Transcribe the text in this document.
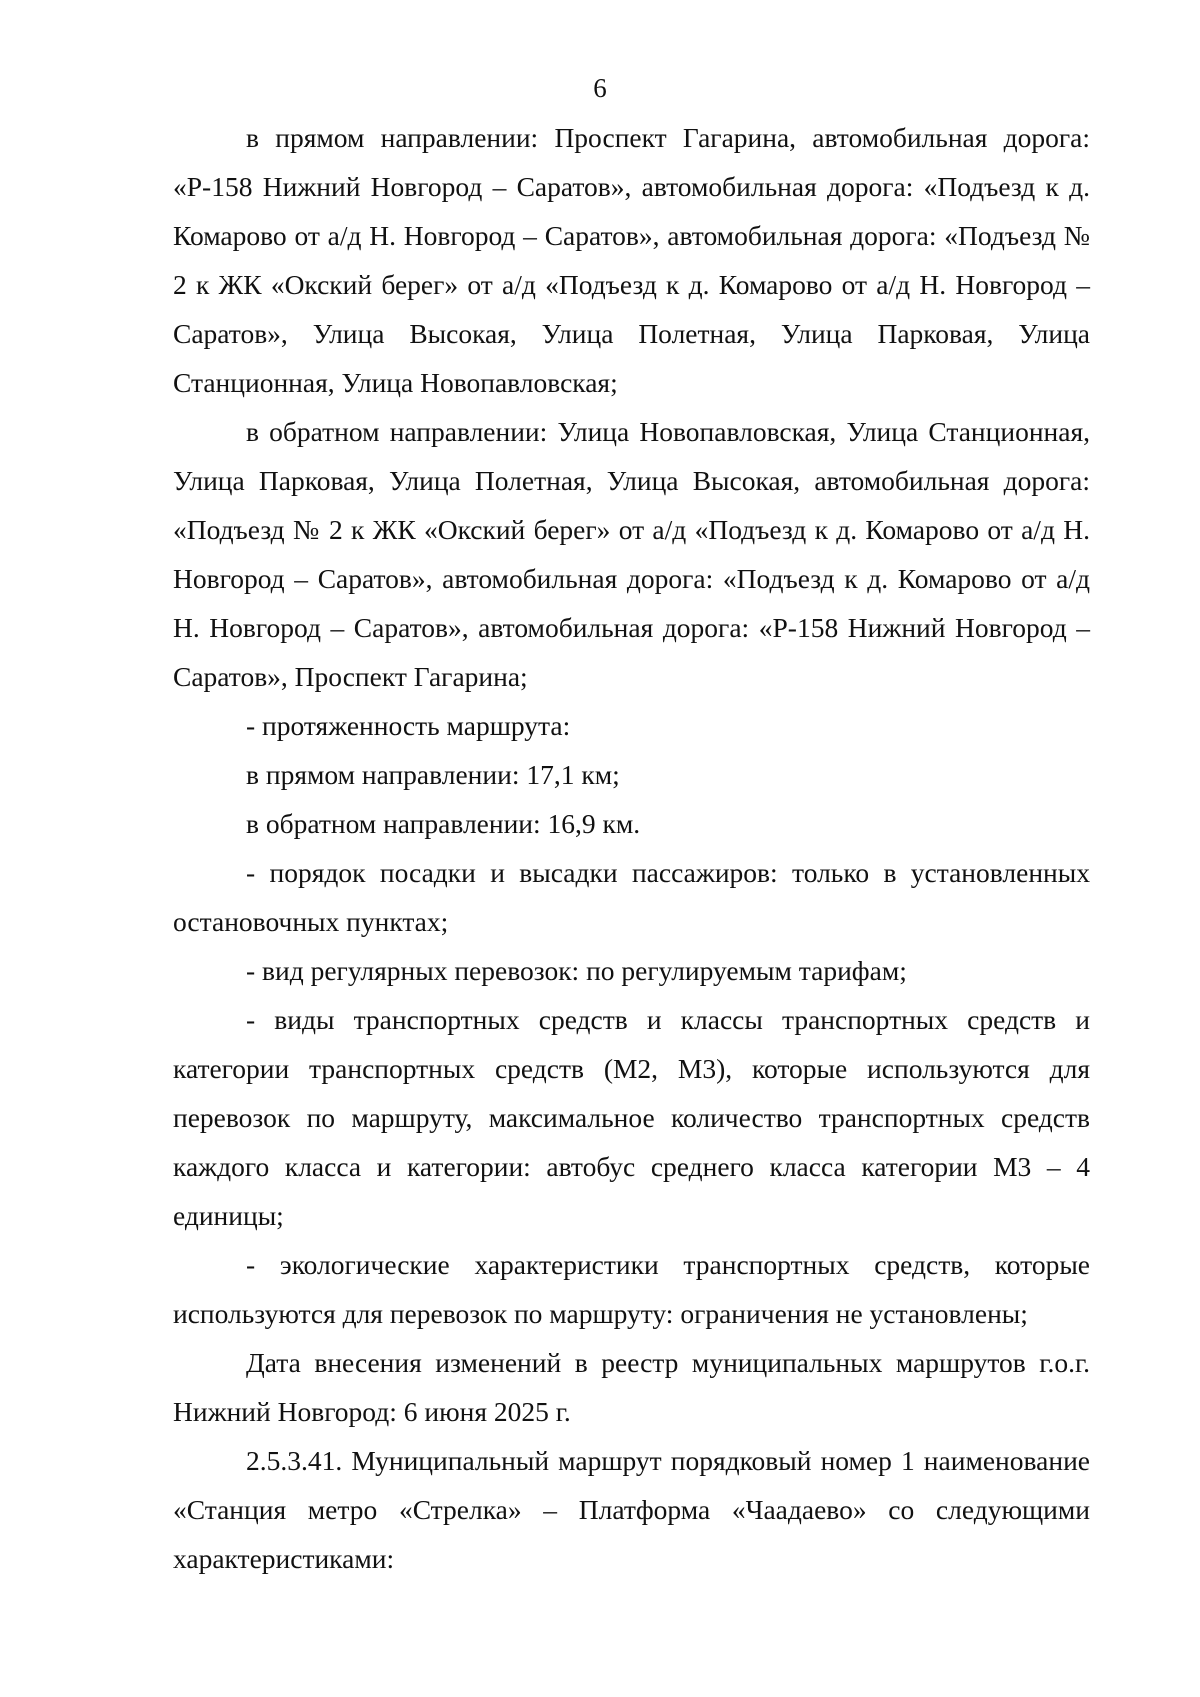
6

в прямом направлении: Проспект Гагарина, автомобильная дорога: «Р-158 Нижний Новгород – Саратов», автомобильная дорога: «Подъезд к д. Комарово от а/д Н. Новгород – Саратов», автомобильная дорога: «Подъезд № 2 к ЖК «Окский берег» от а/д «Подъезд к д. Комарово от а/д Н. Новгород – Саратов», Улица Высокая, Улица Полетная, Улица Парковая, Улица Станционная, Улица Новопавловская;

в обратном направлении: Улица Новопавловская, Улица Станционная, Улица Парковая, Улица Полетная, Улица Высокая, автомобильная дорога: «Подъезд № 2 к ЖК «Окский берег» от а/д «Подъезд к д. Комарово от а/д Н. Новгород – Саратов», автомобильная дорога: «Подъезд к д. Комарово от а/д Н. Новгород – Саратов», автомобильная дорога: «Р-158 Нижний Новгород – Саратов», Проспект Гагарина;

- протяженность маршрута:

в прямом направлении: 17,1 км;

в обратном направлении: 16,9 км.

- порядок посадки и высадки пассажиров: только в установленных остановочных пунктах;

- вид регулярных перевозок: по регулируемым тарифам;

- виды транспортных средств и классы транспортных средств и категории транспортных средств (М2, М3), которые используются для перевозок по маршруту, максимальное количество транспортных средств каждого класса и категории: автобус среднего класса категории М3 – 4 единицы;

- экологические характеристики транспортных средств, которые используются для перевозок по маршруту: ограничения не установлены;

Дата внесения изменений в реестр муниципальных маршрутов г.о.г. Нижний Новгород: 6 июня 2025 г.

2.5.3.41. Муниципальный маршрут порядковый номер 1 наименование «Станция метро «Стрелка» – Платформа «Чаадаево» со следующими характеристиками:
